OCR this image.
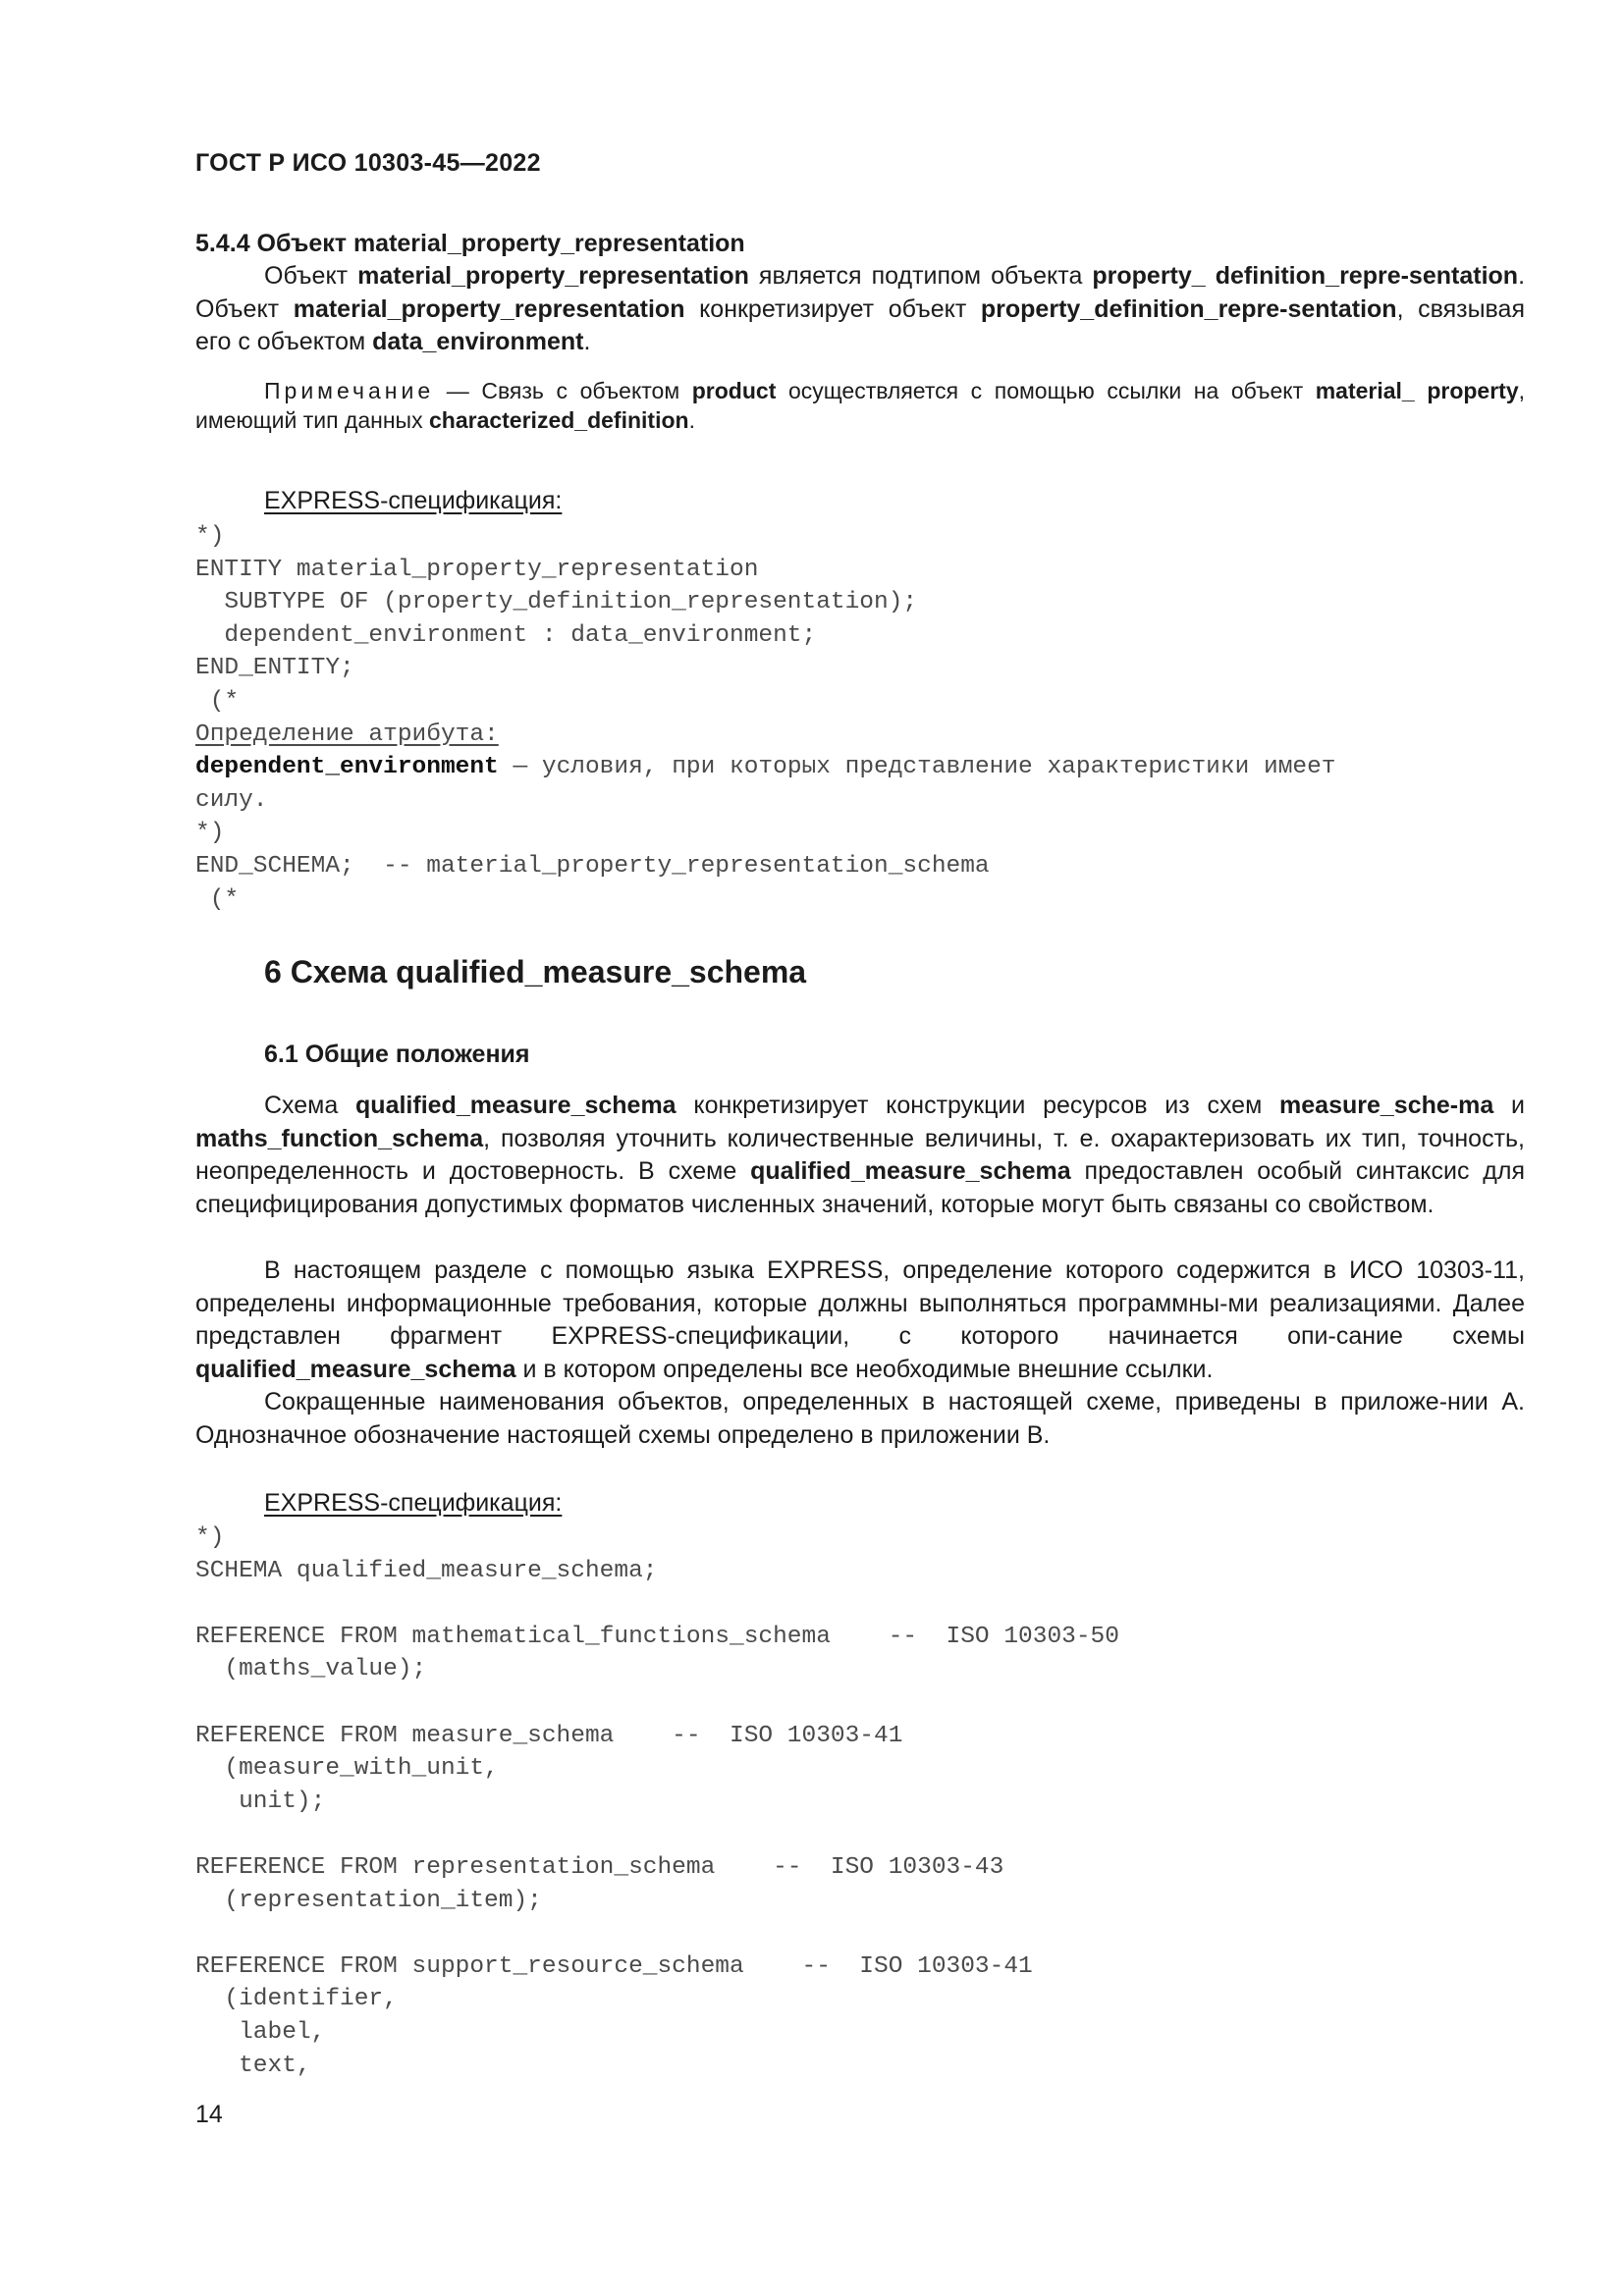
ГОСТ Р ИСО 10303-45—2022
5.4.4 Объект material_property_representation

Объект material_property_representation является подтипом объекта property_ definition_repre-sentation. Объект material_property_representation конкретизирует объект property_definition_repre-sentation, связывая его с объектом data_environment.

Примечание — Связь с объектом product осуществляется с помощью ссылки на объект material_ property, имеющий тип данных characterized_definition.

EXPRESS-спецификация:
*)
ENTITY material_property_representation
SUBTYPE OF (property_definition_representation);
dependent_environment : data_environment;
END_ENTITY;
(*
Определение атрибута:
dependent_environment — условия, при которых представление характеристики имеет
силу.
*)
END_SCHEMA;  -- material_property_representation_schema
(*
6 Схема qualified_measure_schema
6.1 Общие положения

Схема qualified_measure_schema конкретизирует конструкции ресурсов из схем measure_sche-ma и maths_function_schema, позволяя уточнить количественные величины, т. е. охарактеризовать их тип, точность, неопределенность и достоверность. В схеме qualified_measure_schema предоставлен особый синтаксис для специфицирования допустимых форматов численных значений, которые могут быть связаны со свойством.

В настоящем разделе с помощью языка EXPRESS, определение которого содержится в ИСО 10303-11, определены информационные требования, которые должны выполняться программны-ми реализациями. Далее представлен фрагмент EXPRESS-спецификации, с которого начинается опи-сание схемы qualified_measure_schema и в котором определены все необходимые внешние ссылки.

Сокращенные наименования объектов, определенных в настоящей схеме, приведены в приложе-нии А. Однозначное обозначение настоящей схемы определено в приложении В.

EXPRESS-спецификация:
*)
SCHEMA qualified_measure_schema;

REFERENCE FROM mathematical_functions_schema    --  ISO 10303-50
(maths_value);

REFERENCE FROM measure_schema    --  ISO 10303-41
(measure_with_unit,
unit);

REFERENCE FROM representation_schema    --  ISO 10303-43
(representation_item);

REFERENCE FROM support_resource_schema    --  ISO 10303-41
(identifier,
label,
text,
14
